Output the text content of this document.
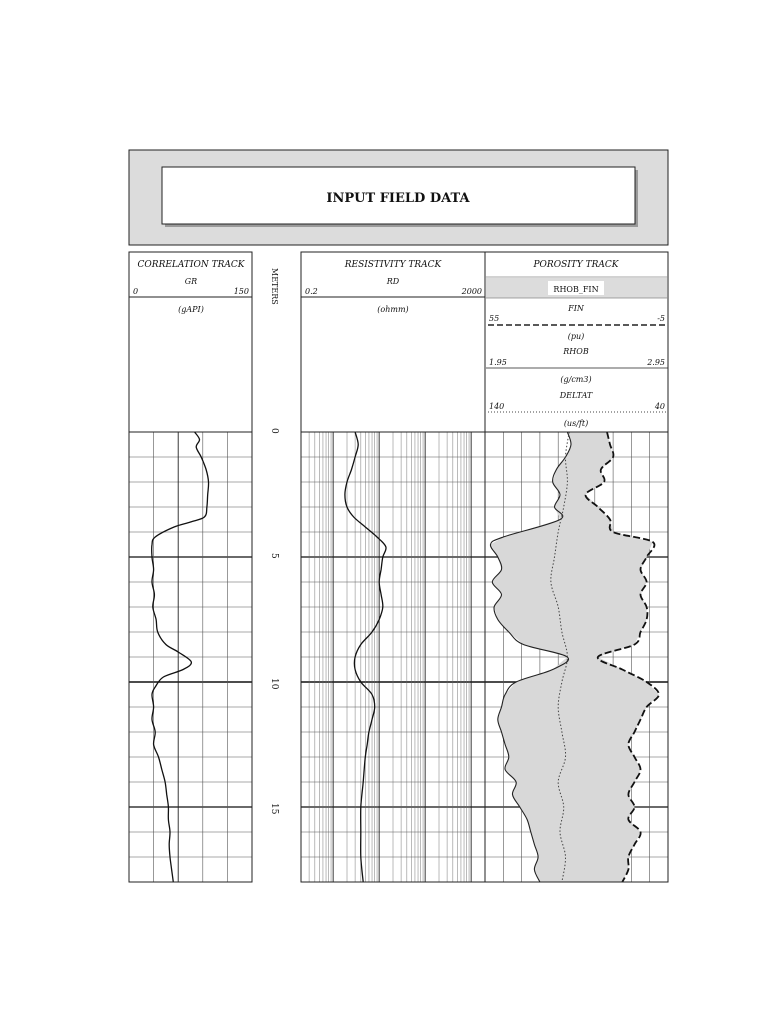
INPUT FIELD DATA
CORRELATION TRACK
GR
0	150
(gAPI)
RESISTIVITY TRACK
RD
0.2	2000
(ohmm)
POROSITY TRACK
RHOB_FIN
FIN
55	-5
(pu)
RHOB
1.95	2.95
(g/cm3)
DELTAT
140	40
(us/ft)
METERS
0
5
10
15
